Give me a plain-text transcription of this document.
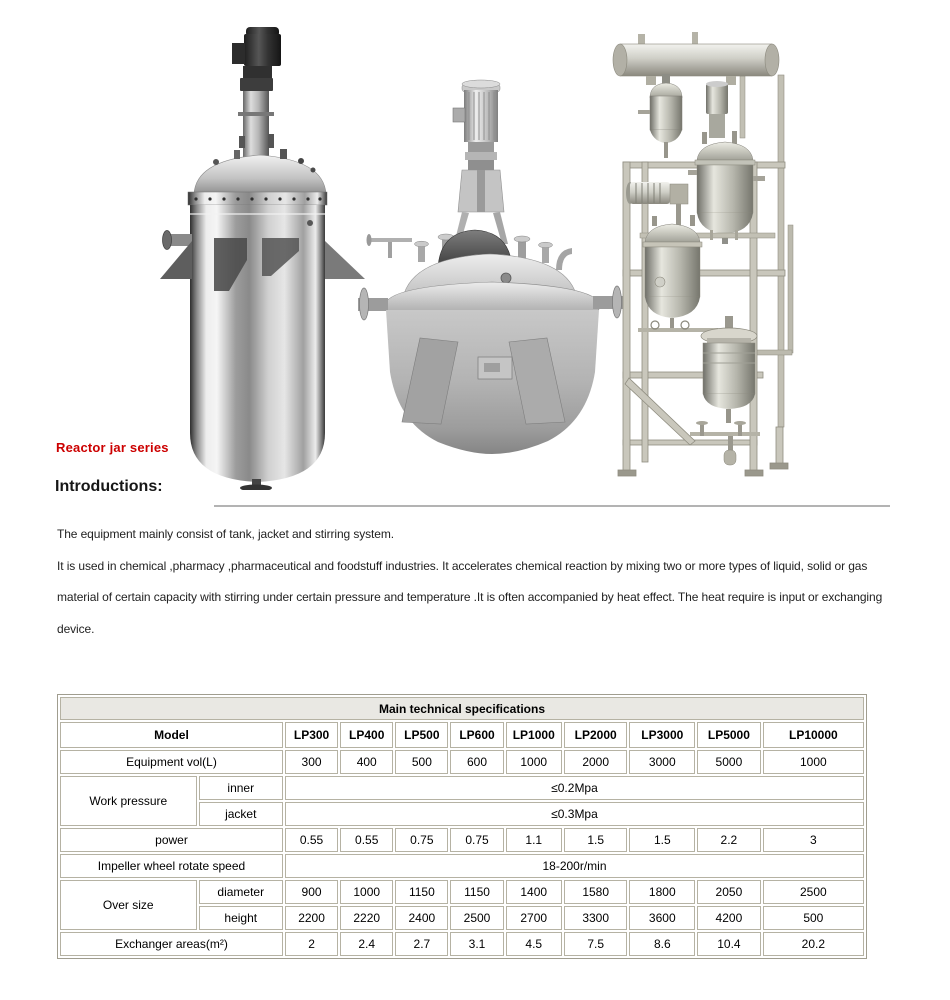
Reactor jar series
Introductions:

The equipment mainly consist of tank, jacket and stirring system.

It is used in chemical ,pharmacy ,pharmaceutical and foodstuff industries. It accelerates chemical reaction by mixing two or more types of liquid, solid or gas material of certain capacity with stirring under certain pressure and temperature .It is often accompanied by heat effect. The heat require is input or exchanging device.

Main technical specifications										
Model		LP300	LP400	LP500	LP600	LP1000	LP2000	LP3000	LP5000	LP10000
Equipment vol(L)		300	400	500	600	1000	2000	3000	5000	1000
Work pressure	inner	≤0.2Mpa								
	jacket	≤0.3Mpa								
power		0.55	0.55	0.75	0.75	1.1	1.5	1.5	2.2	3
Impeller wheel rotate speed		18-200r/min								
Over size	diameter	900	1000	1150	1150	1400	1580	1800	2050	2500
	height	2200	2220	2400	2500	2700	3300	3600	4200	500
Exchanger areas(m²)		2	2.4	2.7	3.1	4.5	7.5	8.6	10.4	20.2
